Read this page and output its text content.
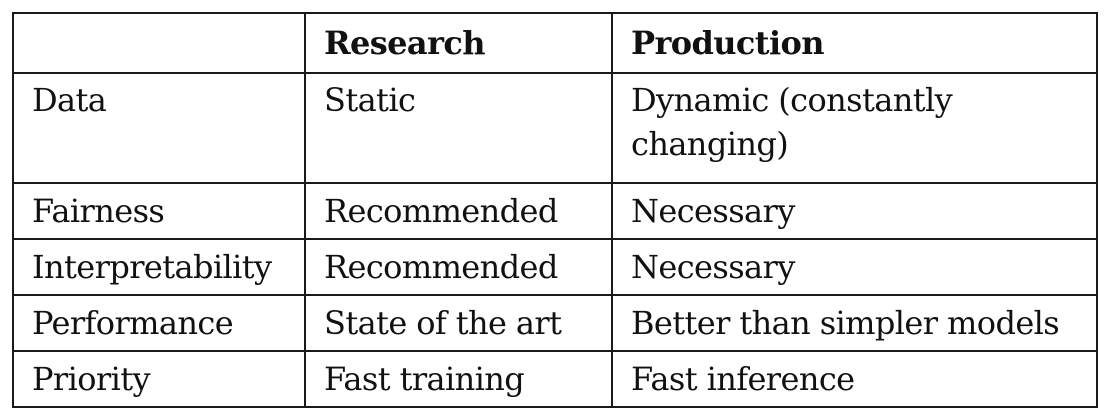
	Research	Production
Data	Static	Dynamic (constantly changing)
Fairness	Recommended	Necessary
Interpretability	Recommended	Necessary
Performance	State of the art	Better than simpler models
Priority	Fast training	Fast inference
